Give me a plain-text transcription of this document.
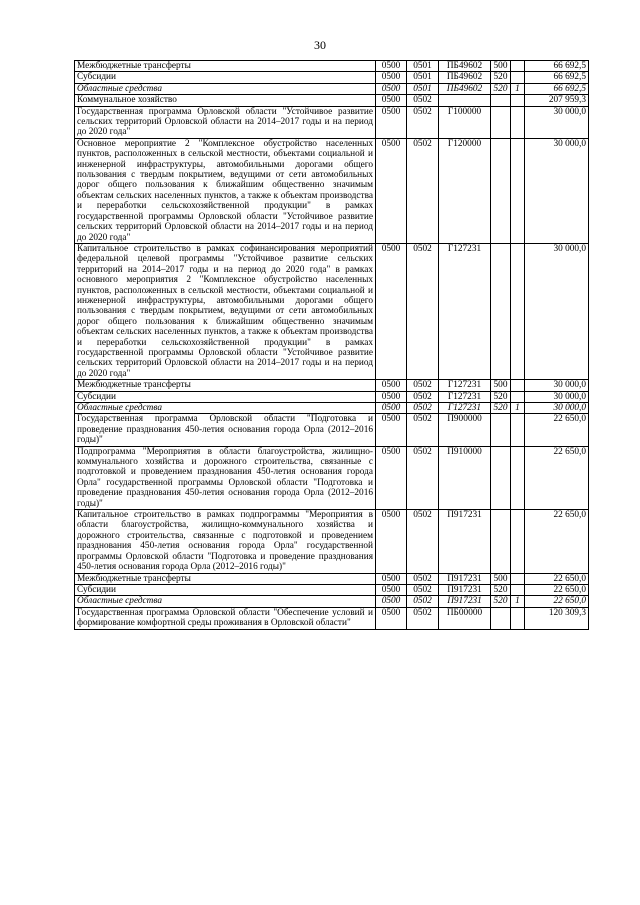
30
Межбюджетные трансферты	0500	0501	ПБ49602	500		66 692,5
Субсидии	0500	0501	ПБ49602	520		66 692,5
Областные средства	0500	0501	ПБ49602	520	1	66 692,5
Коммунальное хозяйство	0500	0502				207 959,3
Государственная программа Орловской области "Устойчивое развитие сельских территорий Орловской области на 2014–2017 годы и на период до 2020 года"	0500	0502	Г100000			30 000,0
Основное мероприятие 2 "Комплексное обустройство населенных пунктов, расположенных в сельской местности, объектами социальной и инженерной инфраструктуры, автомобильными дорогами общего пользования с твердым покрытием, ведущими от сети автомобильных дорог общего пользования к ближайшим общественно значимым объектам сельских населенных пунктов, а также к объектам производства и переработки сельскохозяйственной продукции" в рамках государственной программы Орловской области "Устойчивое развитие сельских территорий Орловской области на 2014–2017 годы и на период до 2020 года"	0500	0502	Г120000			30 000,0
Капитальное строительство в рамках софинансирования мероприятий федеральной целевой программы "Устойчивое развитие сельских территорий на 2014–2017 годы и на период до 2020 года" в рамках основного мероприятия 2 "Комплексное обустройство населенных пунктов, расположенных в сельской местности, объектами социальной и инженерной инфраструктуры, автомобильными дорогами общего пользования с твердым покрытием, ведущими от сети автомобильных дорог общего пользования к ближайшим общественно значимым объектам сельских населенных пунктов, а также к объектам производства и переработки сельскохозяйственной продукции" в рамках государственной программы Орловской области "Устойчивое развитие сельских территорий Орловской области на 2014–2017 годы и на период до 2020 года"	0500	0502	Г127231			30 000,0
Межбюджетные трансферты	0500	0502	Г127231	500		30 000,0
Субсидии	0500	0502	Г127231	520		30 000,0
Областные средства	0500	0502	Г127231	520	1	30 000,0
Государственная программа Орловской области "Подготовка и проведение празднования 450-летия основания города Орла (2012–2016 годы)"	0500	0502	П900000			22 650,0
Подпрограмма "Мероприятия в области благоустройства, жилищно-коммунального хозяйства и дорожного строительства, связанные с подготовкой и проведением празднования 450-летия основания города Орла" государственной программы Орловской области "Подготовка и проведение празднования 450-летия основания города Орла (2012–2016 годы)"	0500	0502	П910000			22 650,0
Капитальное строительство в рамках подпрограммы "Мероприятия в области благоустройства, жилищно-коммунального хозяйства и дорожного строительства, связанные с подготовкой и проведением празднования 450-летия основания города Орла" государственной программы Орловской области "Подготовка и проведение празднования 450-летия основания города Орла (2012–2016 годы)"	0500	0502	П917231			22 650,0
Межбюджетные трансферты	0500	0502	П917231	500		22 650,0
Субсидии	0500	0502	П917231	520		22 650,0
Областные средства	0500	0502	П917231	520	1	22 650,0
Государственная программа Орловской области "Обеспечение условий и формирование комфортной среды проживания в Орловской области"	0500	0502	ПБ00000			120 309,3
